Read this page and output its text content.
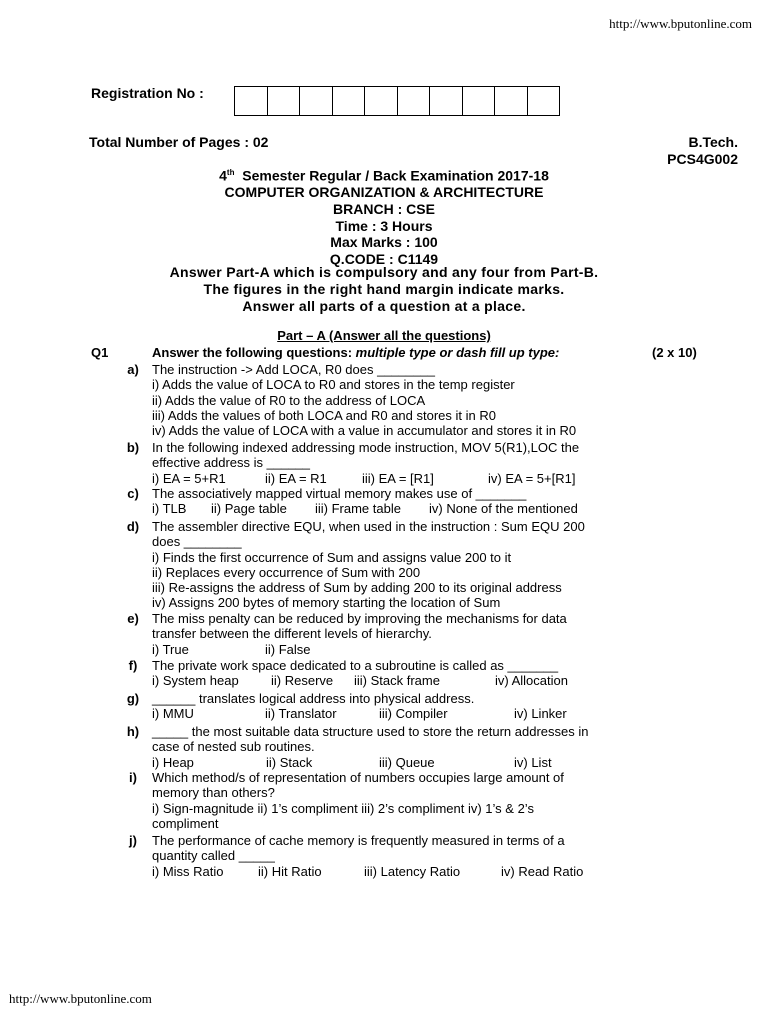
http://www.bputonline.com
Registration No :
Total Number of Pages : 02	B.Tech.
PCS4G002
4th Semester Regular / Back Examination 2017-18
COMPUTER ORGANIZATION & ARCHITECTURE
BRANCH : CSE
Time : 3 Hours
Max Marks : 100
Q.CODE : C1149
Answer Part-A which is compulsory and any four from Part-B.
The figures in the right hand margin indicate marks.
Answer all parts of a question at a place.
Part – A (Answer all the questions)
Q1	Answer the following questions: multiple type or dash fill up type:	(2 x 10)
a) The instruction -> Add LOCA, R0 does ________
i) Adds the value of LOCA to R0 and stores in the temp register
ii) Adds the value of R0 to the address of LOCA
iii) Adds the values of both LOCA and R0 and stores it in R0
iv) Adds the value of LOCA with a value in accumulator and stores it in R0
b) In the following indexed addressing mode instruction, MOV 5(R1),LOC the
effective address is ______
i) EA = 5+R1	ii) EA = R1	iii) EA = [R1]	iv) EA = 5+[R1]
c) The associatively mapped virtual memory makes use of _______
i) TLB ii) Page table iii) Frame table iv) None of the mentioned
d) The assembler directive EQU, when used in the instruction : Sum EQU 200
does ________
i) Finds the first occurrence of Sum and assigns value 200 to it
ii) Replaces every occurrence of Sum with 200
iii) Re-assigns the address of Sum by adding 200 to its original address
iv) Assigns 200 bytes of memory starting the location of Sum
e) The miss penalty can be reduced by improving the mechanisms for data
transfer between the different levels of hierarchy.
i) True	ii) False
f) The private work space dedicated to a subroutine is called as _______
i) System heap ii) Reserve iii) Stack frame	iv) Allocation
g) ______ translates logical address into physical address.
i) MMU	ii) Translator	iii) Compiler	iv) Linker
h) _____ the most suitable data structure used to store the return addresses in
case of nested sub routines.
i) Heap	ii) Stack	iii) Queue	iv) List
i) Which method/s of representation of numbers occupies large amount of
memory than others?
i) Sign-magnitude ii) 1’s compliment iii) 2’s compliment iv) 1’s & 2’s
compliment
j) The performance of cache memory is frequently measured in terms of a
quantity called _____
i) Miss Ratio	ii) Hit Ratio	iii) Latency Ratio	iv) Read Ratio
http://www.bputonline.com
